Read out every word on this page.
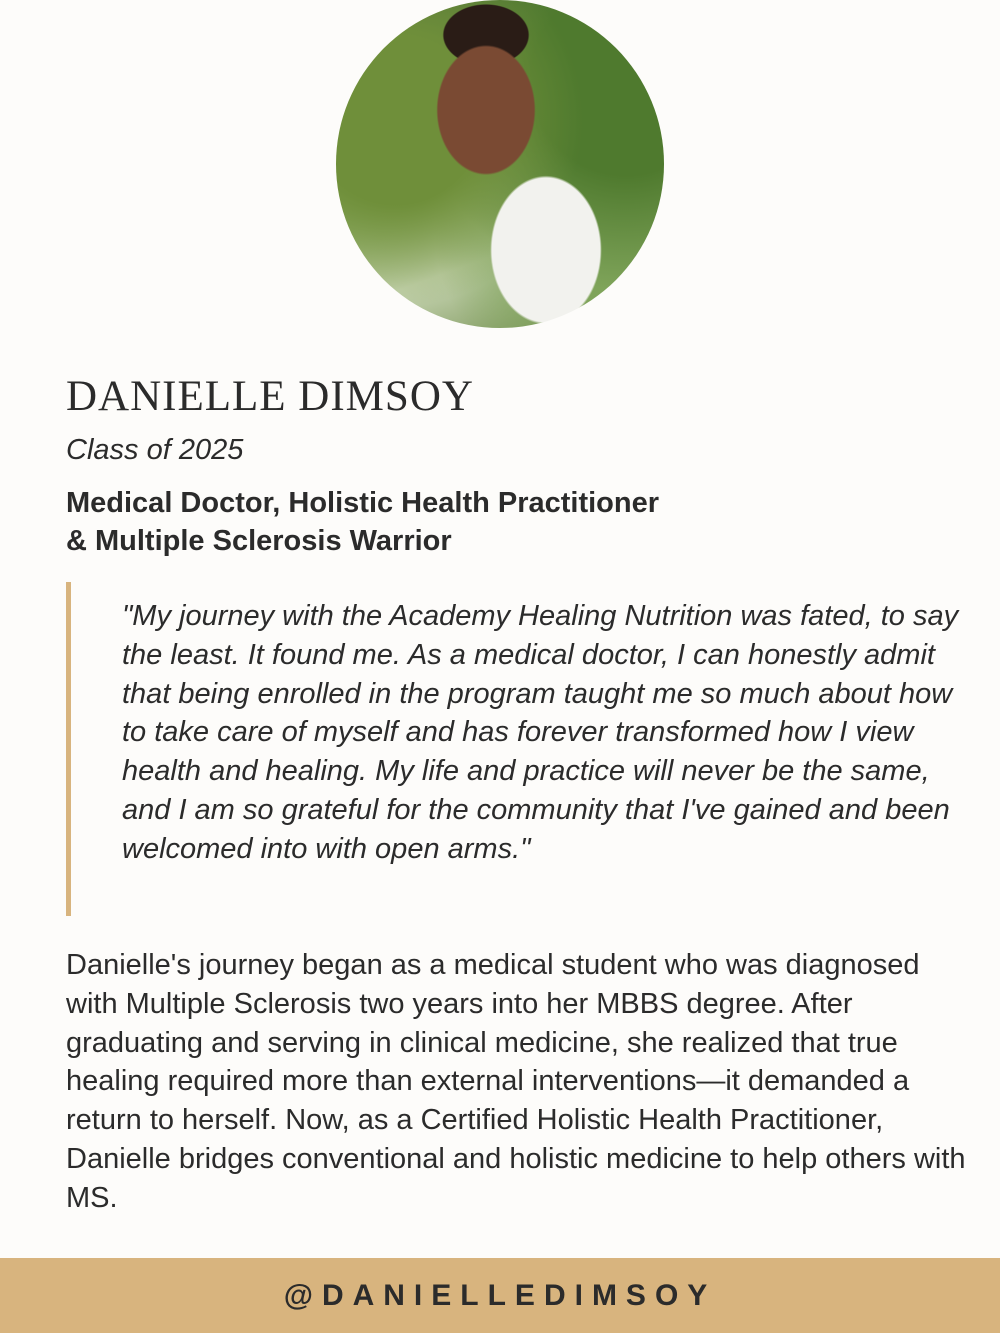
DANIELLE DIMSOY

Class of 2025

Medical Doctor, Holistic Health Practitioner
& Multiple Sclerosis Warrior

"My journey with the Academy Healing Nutrition was fated, to say the least. It found me. As a medical doctor, I can honestly admit that being enrolled in the program taught me so much about how to take care of myself and has forever transformed how I view health and healing. My life and practice will never be the same, and I am so grateful for the community that I've gained and been welcomed into with open arms."

Danielle's journey began as a medical student who was diagnosed with Multiple Sclerosis two years into her MBBS degree. After graduating and serving in clinical medicine, she realized that true healing required more than external interventions—it demanded a return to herself. Now, as a Certified Holistic Health Practitioner, Danielle bridges conventional and holistic medicine to help others with MS.

@DANIELLEDIMSOY
